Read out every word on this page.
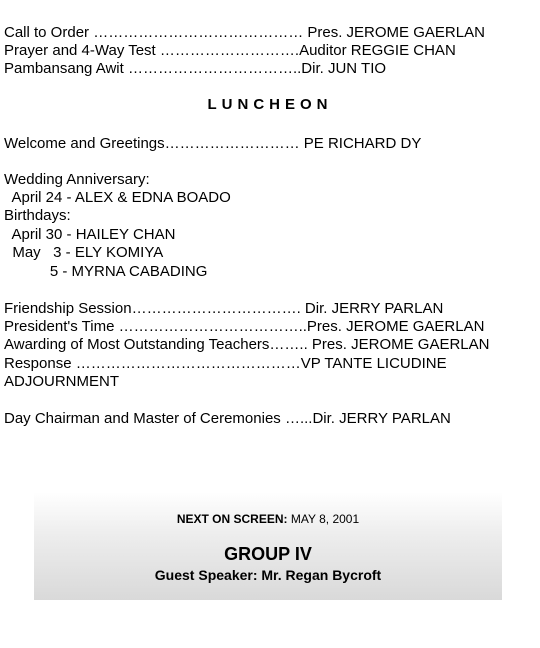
Call to Order …………………………………… Pres. JEROME GAERLAN
Prayer and 4-Way Test ……………………….Auditor REGGIE CHAN
Pambansang Awit ……………………………..Dir. JUN TIO
LUNCHEON
Welcome and Greetings……………………… PE RICHARD DY
Wedding Anniversary:
April 24 - ALEX & EDNA BOADO
Birthdays:
April 30 - HAILEY CHAN
May   3 - ELY KOMIYA
5 - MYRNA CABADING
Friendship Session……………………………. Dir. JERRY PARLAN
President's Time ………………………………..Pres. JEROME GAERLAN
Awarding of Most Outstanding Teachers…….. Pres. JEROME GAERLAN
Response ………………………………………VP TANTE LICUDINE
ADJOURNMENT
Day Chairman and Master of Ceremonies …...Dir. JERRY PARLAN
NEXT ON SCREEN: MAY 8, 2001
GROUP IV
Guest Speaker: Mr. Regan Bycroft
